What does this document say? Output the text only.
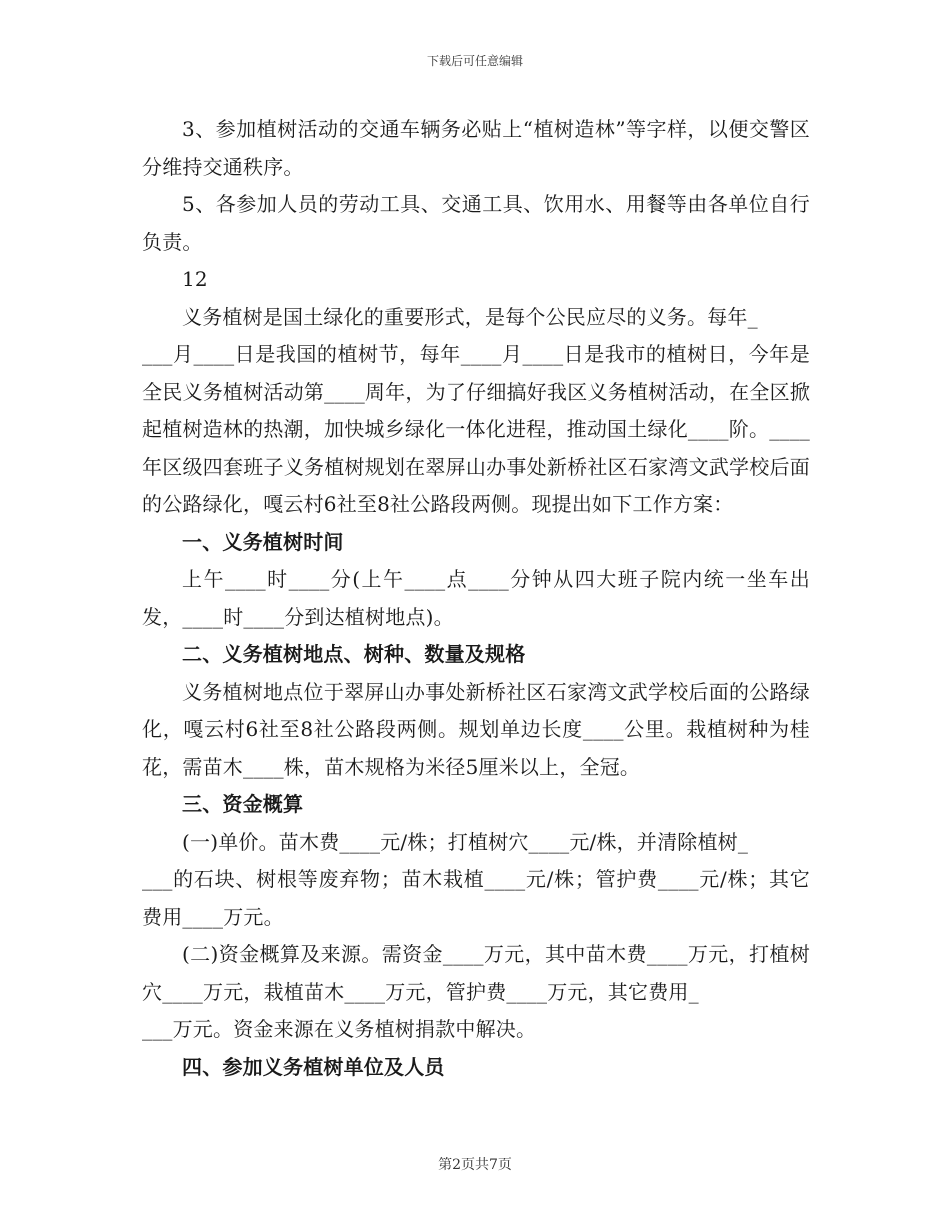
下载后可任意编辑

3、参加植树活动的交通车辆务必贴上“植树造林”等字样，以便交警区分维持交通秩序。

5、各参加人员的劳动工具、交通工具、饮用水、用餐等由各单位自行负责。

12

义务植树是国土绿化的重要形式，是每个公民应尽的义务。每年_
___月____日是我国的植树节，每年____月____日是我市的植树日，今年是全民义务植树活动第____周年，为了仔细搞好我区义务植树活动，在全区掀起植树造林的热潮，加快城乡绿化一体化进程，推动国土绿化____阶。____年区级四套班子义务植树规划在翠屏山办事处新桥社区石家湾文武学校后面的公路绿化，嘎云村6社至8社公路段两侧。现提出如下工作方案：

一、义务植树时间

上午____时____分(上午____点____分钟从四大班子院内统一坐车出发，____时____分到达植树地点)。

二、义务植树地点、树种、数量及规格

义务植树地点位于翠屏山办事处新桥社区石家湾文武学校后面的公路绿化，嘎云村6社至8社公路段两侧。规划单边长度____公里。栽植树种为桂花，需苗木____株，苗木规格为米径5厘米以上，全冠。

三、资金概算

(一)单价。苗木费____元/株；打植树穴____元/株，并清除植树_
___的石块、树根等废弃物；苗木栽植____元/株；管护费____元/株；其它费用____万元。

(二)资金概算及来源。需资金____万元，其中苗木费____万元，打植树穴____万元，栽植苗木____万元，管护费____万元，其它费用_
___万元。资金来源在义务植树捐款中解决。

四、参加义务植树单位及人员

第2页共7页
